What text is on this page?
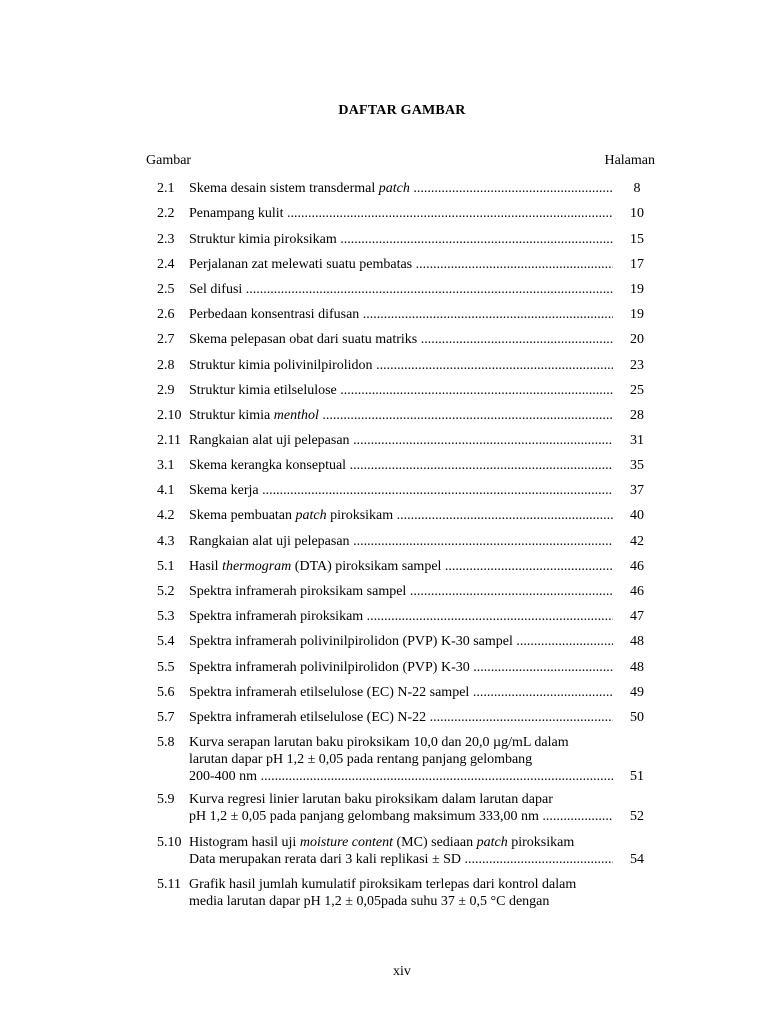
DAFTAR GAMBAR
Gambar	Halaman
2.1	Skema desain sistem transdermal patch .....	8
2.2	Penampang kulit .....	10
2.3	Struktur kimia piroksikam .....	15
2.4	Perjalanan zat melewati suatu pembatas .....	17
2.5	Sel difusi .....	19
2.6	Perbedaan konsentrasi difusan .....	19
2.7	Skema pelepasan obat dari suatu matriks .....	20
2.8	Struktur kimia polivinilpirolidon .....	23
2.9	Struktur kimia etilselulose .....	25
2.10 Struktur kimia menthol .....	28
2.11 Rangkaian alat uji pelepasan .....	31
3.1	Skema kerangka konseptual .....	35
4.1	Skema kerja .....	37
4.2	Skema pembuatan patch piroksikam .....	40
4.3	Rangkaian alat uji pelepasan .....	42
5.1	Hasil thermogram (DTA) piroksikam sampel .....	46
5.2	Spektra inframerah piroksikam sampel .....	46
5.3	Spektra inframerah piroksikam .....	47
5.4	Spektra inframerah polivinilpirolidon (PVP) K-30 sampel .....	48
5.5	Spektra inframerah polivinilpirolidon (PVP) K-30 .....	48
5.6	Spektra inframerah etilselulose (EC) N-22 sampel .....	49
5.7	Spektra inframerah etilselulose (EC) N-22 .....	50
5.8	Kurva serapan larutan baku piroksikam 10,0 dan 20,0 µg/mL dalam
larutan dapar pH 1,2 ± 0,05 pada rentang panjang gelombang
200-400 nm .....	51
5.9	Kurva regresi linier larutan baku piroksikam dalam larutan dapar
pH 1,2 ± 0,05 pada panjang gelombang maksimum 333,00 nm .....	52
5.10 Histogram hasil uji moisture content (MC) sediaan patch piroksikam
Data merupakan rerata dari 3 kali replikasi ± SD .....	54
5.11 Grafik hasil jumlah kumulatif piroksikam terlepas dari kontrol dalam
media larutan dapar pH 1,2 ± 0,05pada suhu 37 ± 0,5 °C dengan
xiv
